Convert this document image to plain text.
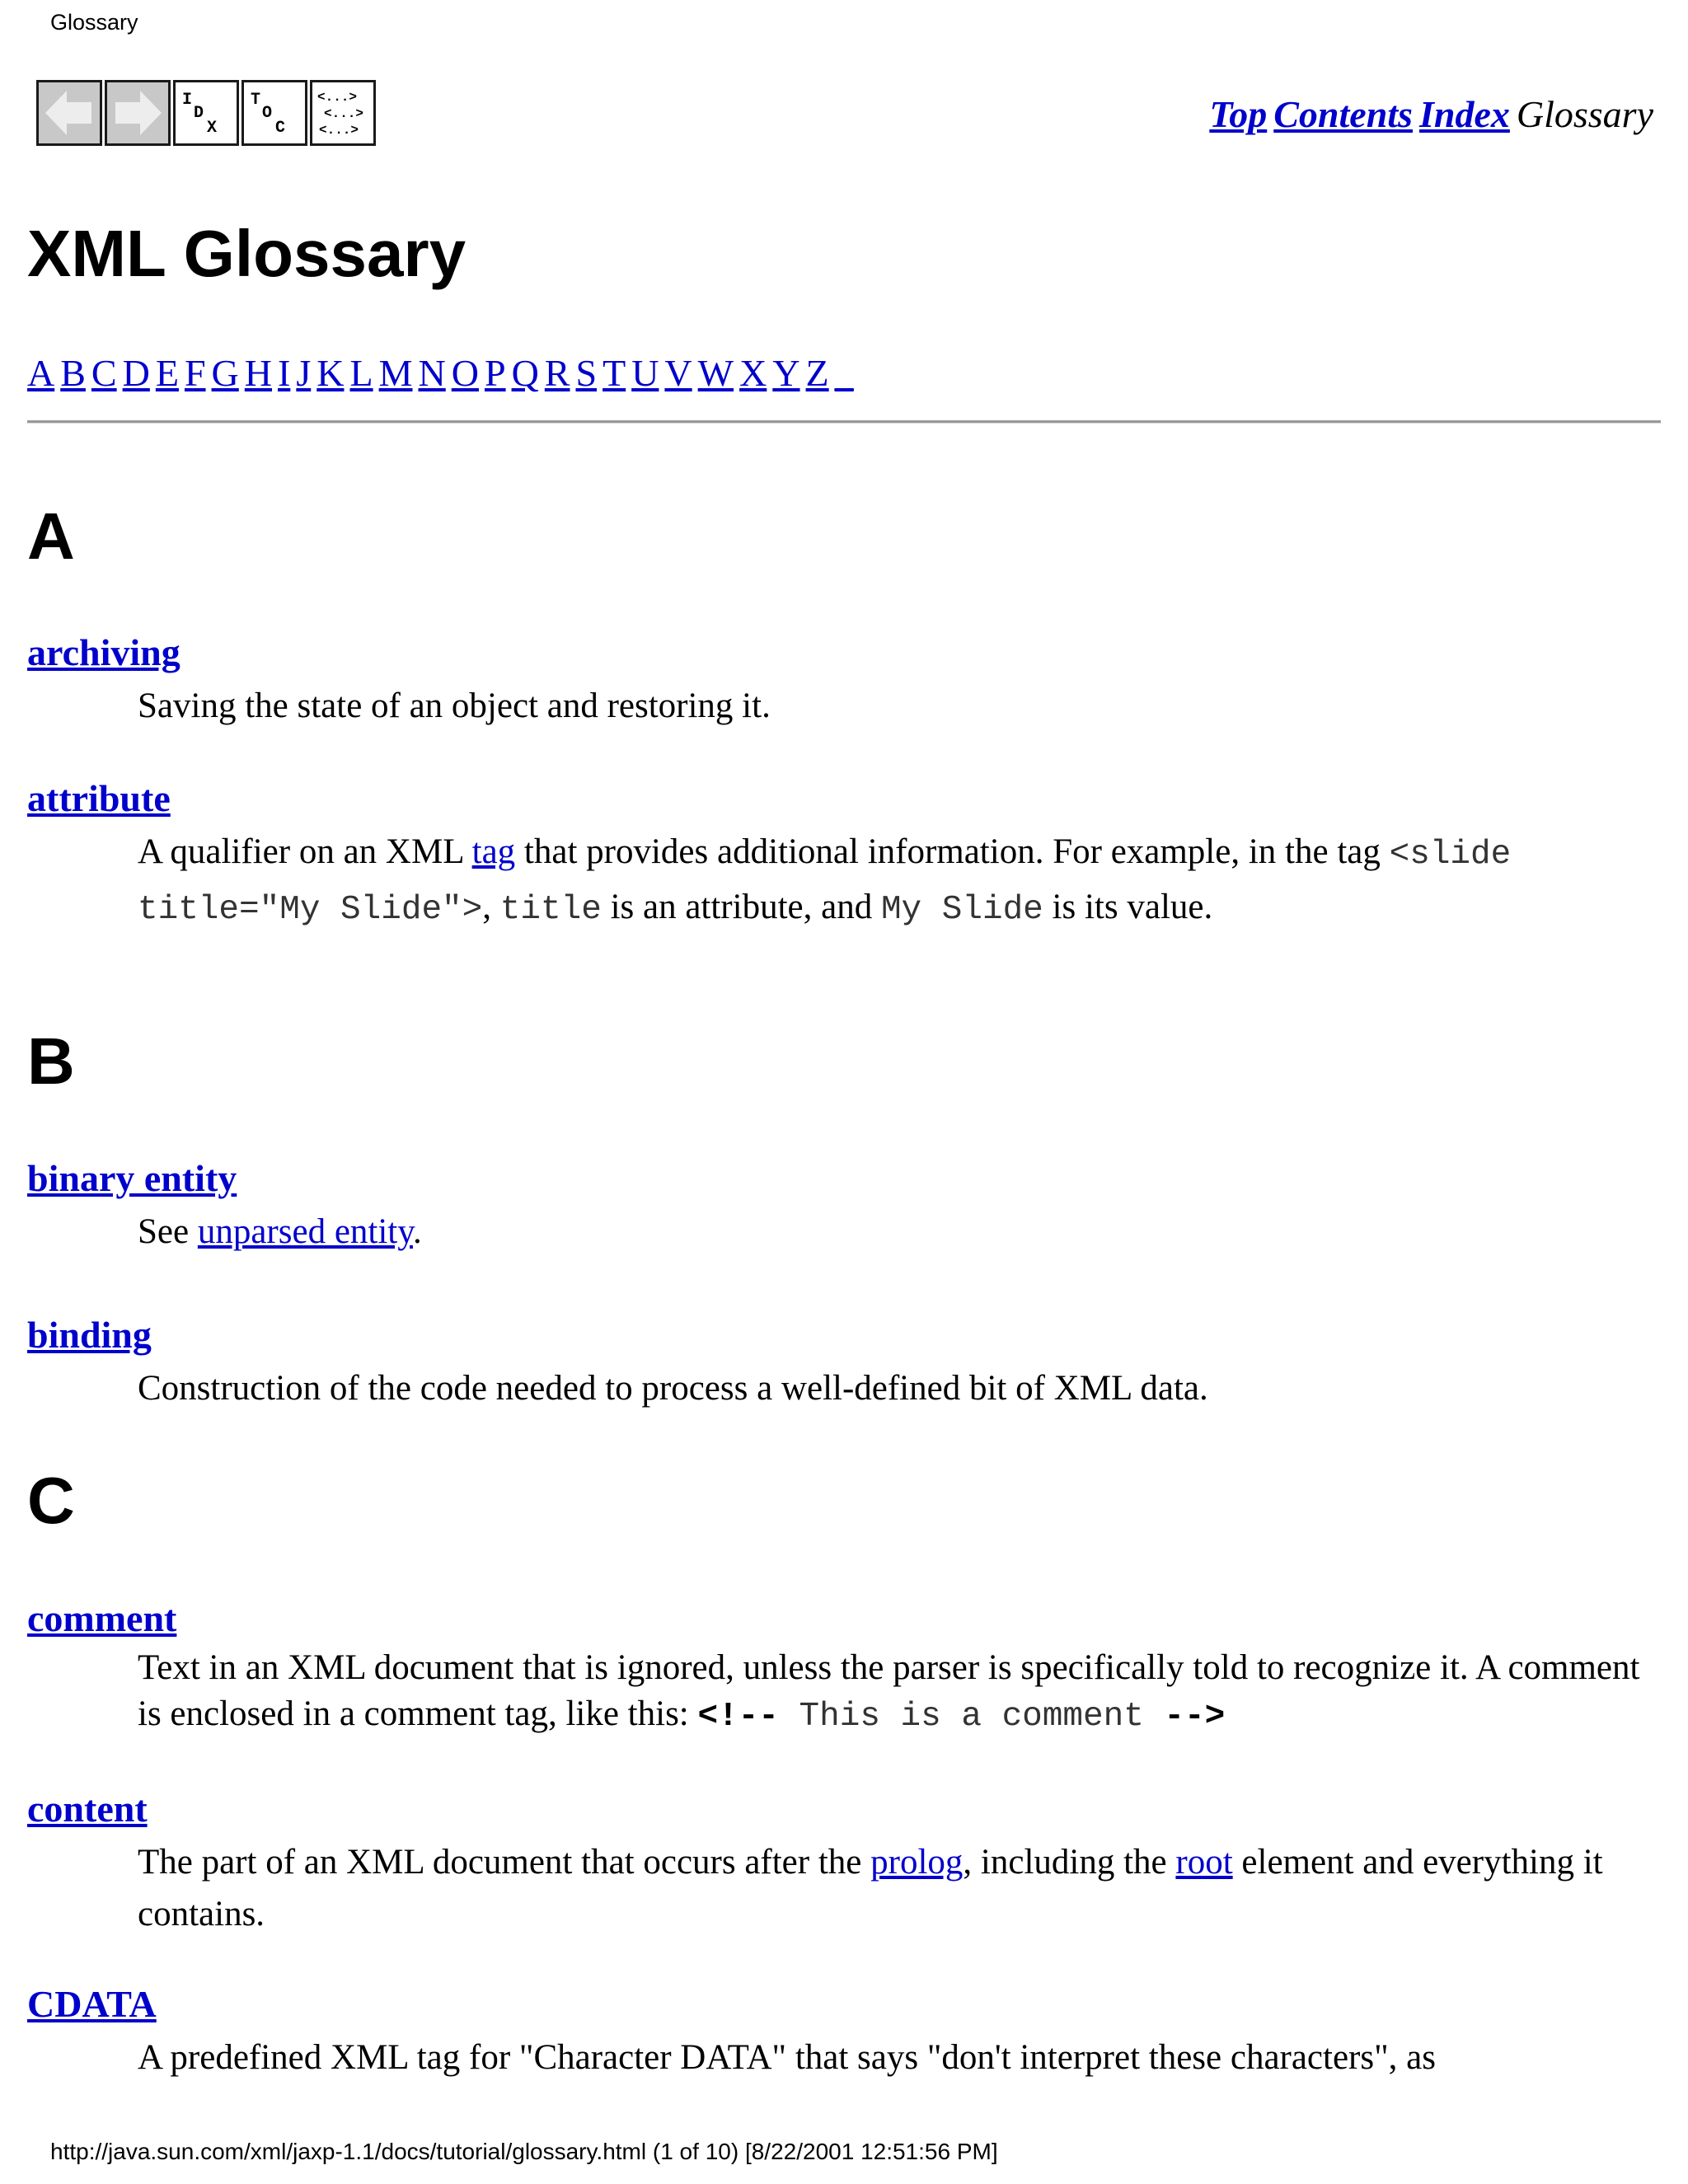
Glossary
I
D
X
T
O
C
<...>
<...>
<...>	Top Contents Index Glossary
XML Glossary
A B C D E F G H I J K L M N O P Q R S T U V W X Y Z _
A
archiving
Saving the state of an object and restoring it.
attribute
A qualifier on an XML tag that provides additional information. For example, in the tag <slide title="My Slide">, title is an attribute, and My Slide is its value.
B
binary entity
See unparsed entity.
binding
Construction of the code needed to process a well-defined bit of XML data.
C
comment
Text in an XML document that is ignored, unless the parser is specifically told to recognize it. A comment is enclosed in a comment tag, like this: <!-- This is a comment -->
content
The part of an XML document that occurs after the prolog, including the root element and everything it contains.
CDATA
A predefined XML tag for "Character DATA" that says "don't interpret these characters", as
http://java.sun.com/xml/jaxp-1.1/docs/tutorial/glossary.html (1 of 10) [8/22/2001 12:51:56 PM]
